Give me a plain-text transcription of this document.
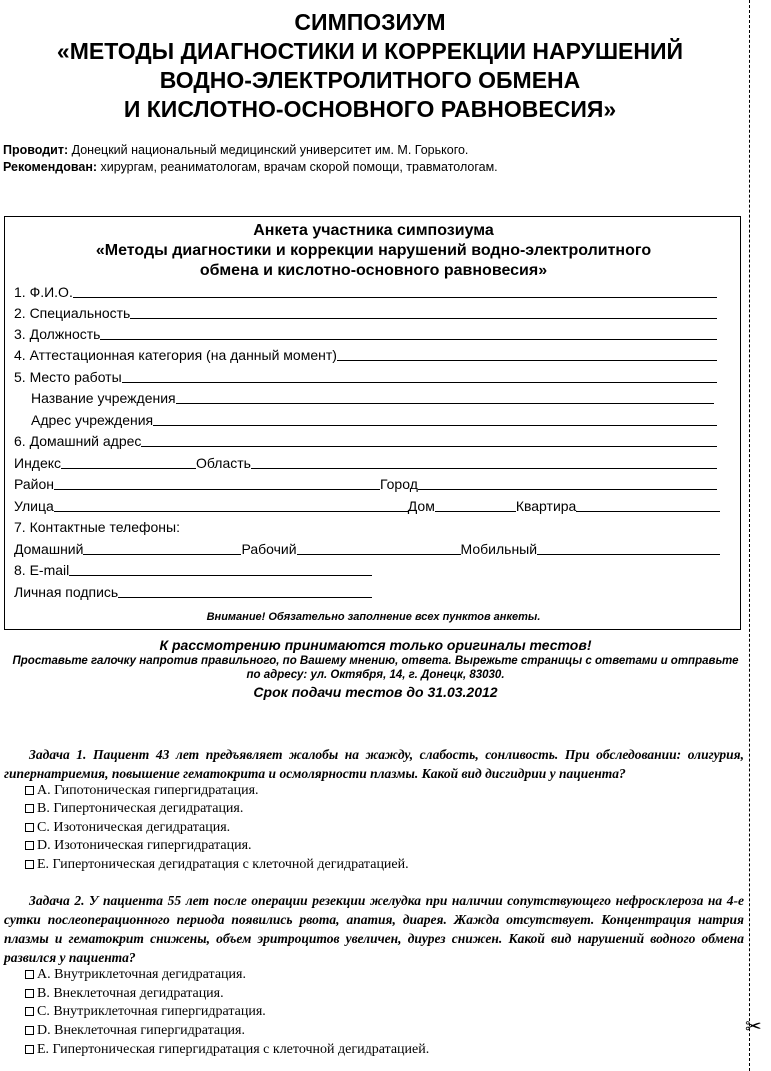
✂
СИМПОЗИУМ
«МЕТОДЫ ДИАГНОСТИКИ И КОРРЕКЦИИ НАРУШЕНИЙ
ВОДНО-ЭЛЕКТРОЛИТНОГО ОБМЕНА
И КИСЛОТНО-ОСНОВНОГО РАВНОВЕСИЯ»
Проводит: Донецкий национальный медицинский университет им. М. Горького.
Рекомендован: хирургам, реаниматологам, врачам скорой помощи, травматологам.
Анкета участника симпозиума
«Методы диагностики и коррекции нарушений водно-электролитного
обмена и кислотно-основного равновесия»
1. Ф.И.О.
2. Специальность
3. Должность
4. Аттестационная категория (на данный момент)
5. Место работы
Название учреждения
Адрес учреждения
6. Домашний адрес
Индекс	Область
Район	Город
Улица	Дом	Квартира
7. Контактные телефоны:
Домашний	Рабочий	Мобильный
8. E-mail
Личная подпись
Внимание! Обязательно заполнение всех пунктов анкеты.
К рассмотрению принимаются только оригиналы тестов!
Проставьте галочку напротив правильного, по Вашему мнению, ответа. Вырежьте страницы с ответами и отправьте
по адресу: ул. Октября, 14, г. Донецк, 83030.
Срок подачи тестов до 31.03.2012
Задача 1. Пациент 43 лет предъявляет жалобы на жажду, слабость, сонливость. При обследовании: олигурия, гипернатриемия, повышение гематокрита и осмолярности плазмы. Какой вид дисгидрии у пациента?
A. Гипотоническая гипергидратация.
B. Гипертоническая дегидратация.
C. Изотоническая дегидратация.
D. Изотоническая гипергидратация.
E. Гипертоническая дегидратация с клеточной дегидратацией.
Задача 2. У пациента 55 лет после операции резекции желудка при наличии сопутствующего нефросклероза на 4-е сутки послеоперационного периода появились рвота, апатия, диарея. Жажда отсутствует. Концентрация натрия плазмы и гематокрит снижены, объем эритроцитов увеличен, диурез снижен. Какой вид нарушений водного обмена развился у пациента?
A. Внутриклеточная дегидратация.
B. Внеклеточная дегидратация.
C. Внутриклеточная гипергидратация.
D. Внеклеточная гипергидратация.
E. Гипертоническая гипергидратация с клеточной дегидратацией.
